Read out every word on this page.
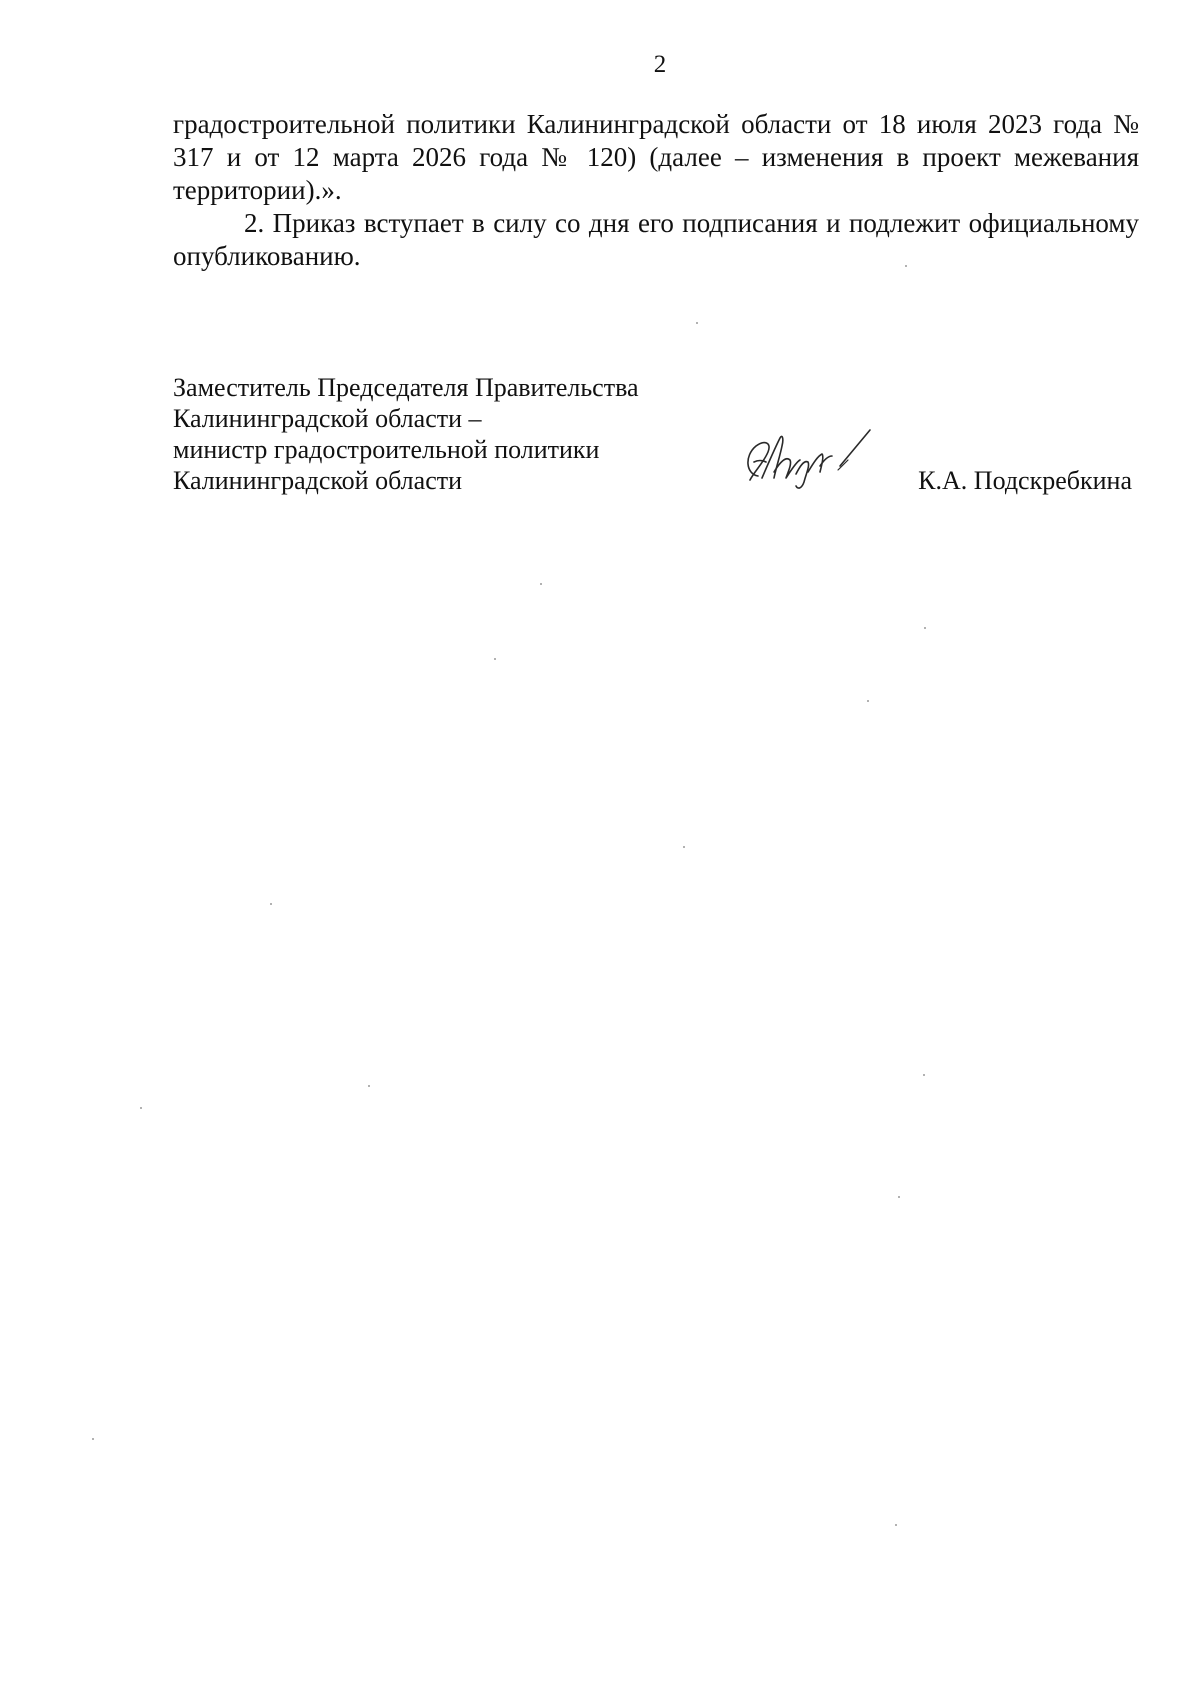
2

градостроительной политики Калининградской области от 18 июля 2023 года № 317 и от 12 марта 2026 года № 120) (далее – изменения в проект межевания территории).».

2. Приказ вступает в силу со дня его подписания и подлежит официальному опубликованию.

Заместитель Председателя Правительства
Калининградской области –
министр градостроительной политики
Калининградской области	К.А. Подскребкина
